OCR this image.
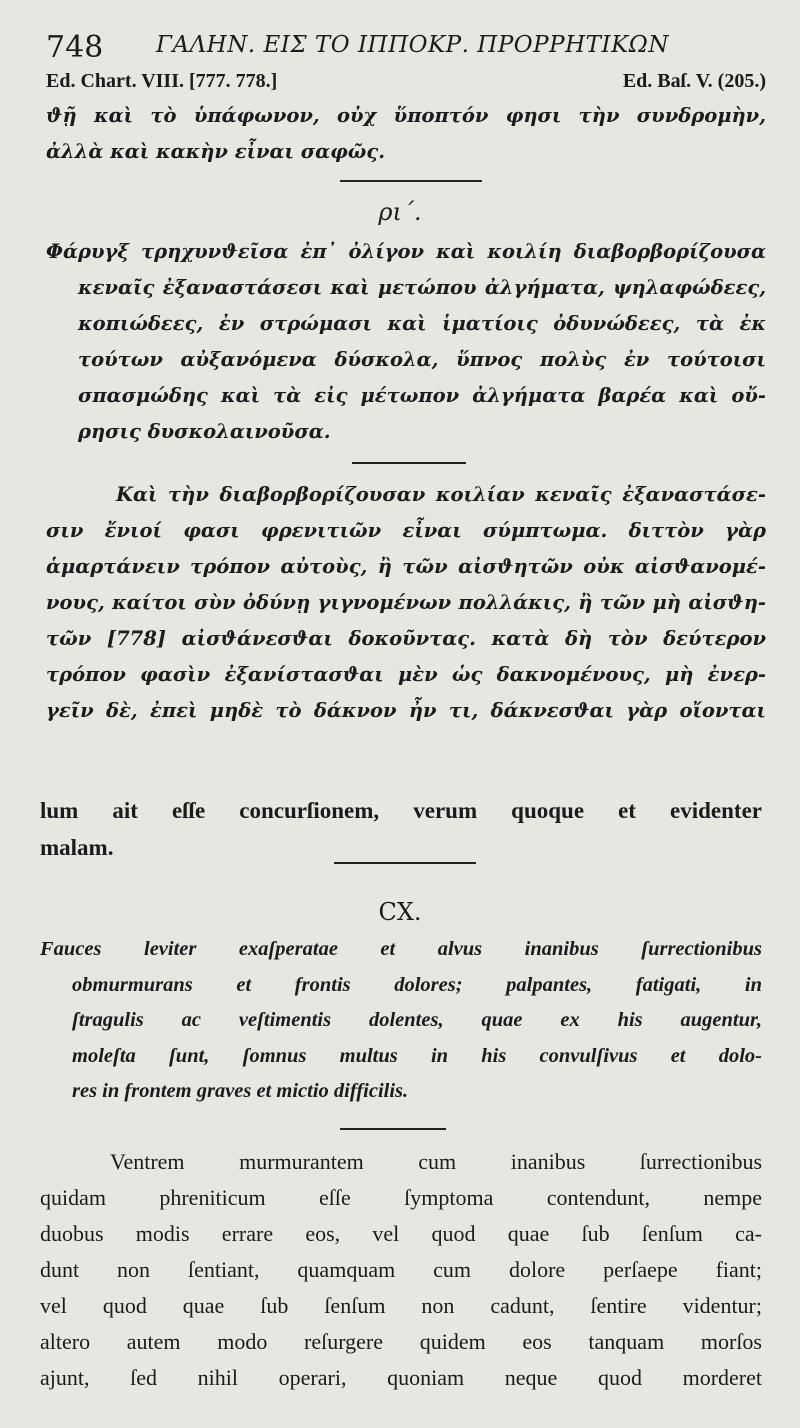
748 ΓΑΛΗΝ. ΕΙΣ ΤΟ ΙΠΠΟΚΡ. ΠΡΟΡΡΗΤΙΚΩΝ
Ed. Chart. VIII. [777. 778.]	Ed. Baſ. V. (205.)
ϑῇ καὶ τὸ ὑπάφωνον, οὐχ ὕποπτόν φησι τὴν συνδρομὴν,
ἀλλὰ καὶ κακὴν εἶναι σαφῶς.
ρι΄.
Φάρυγξ τρηχυνϑεῖσα ἐπ᾽ ὀλίγον καὶ κοιλίη διαβορβορίζουσα
κεναῖς ἐξαναστάσεσι καὶ μετώπου ἀλγήματα, ψηλαφώδεες,
κοπιώδεες, ἐν στρώμασι καὶ ἱματίοις ὀδυνώδεες, τὰ ἐκ
τούτων αὐξανόμενα δύσκολα, ὕπνος πολὺς ἐν τούτοισι
σπασμώδης καὶ τὰ εἰς μέτωπον ἀλγήματα βαρέα καὶ οὔ-
ρησις δυσκολαινοῦσα.
Καὶ τὴν διαβορβορίζουσαν κοιλίαν κεναῖς ἐξαναστάσε-
σιν ἔνιοί φασι φρενιτιῶν εἶναι σύμπτωμα. διττὸν γὰρ
ἁμαρτάνειν τρόπον αὐτοὺς, ἢ τῶν αἰσϑητῶν οὐκ αἰσϑανομέ-
νους, καίτοι σὺν ὀδύνῃ γιγνομένων πολλάκις, ἢ τῶν μὴ αἰσϑη-
τῶν [778] αἰσϑάνεσϑαι δοκοῦντας. κατὰ δὴ τὸν δεύτερον
τρόπον φασὶν ἐξανίστασϑαι μὲν ὡς δακνομένους, μὴ ἐνερ-
γεῖν δὲ, ἐπεὶ μηδὲ τὸ δάκνον ἦν τι, δάκνεσϑαι γὰρ οἴονται
lum ait eſſe concurſionem, verum quoque et evidenter
malam.
CX.
Fauces leviter exaſperatae et alvus inanibus ſurrectionibus
obmurmurans et frontis dolores; palpantes, fatigati, in
ſtragulis ac veſtimentis dolentes, quae ex his augentur,
moleſta ſunt, ſomnus multus in his convulſivus et dolo-
res in frontem graves et mictio difficilis.
Ventrem murmurantem cum inanibus ſurrectionibus
quidam phreniticum eſſe ſymptoma contendunt, nempe
duobus modis errare eos, vel quod quae ſub ſenſum ca-
dunt non ſentiant, quamquam cum dolore perſaepe fiant;
vel quod quae ſub ſenſum non cadunt, ſentire videntur;
altero autem modo reſurgere quidem eos tanquam morſos
ajunt, ſed nihil operari, quoniam neque quod morderet
